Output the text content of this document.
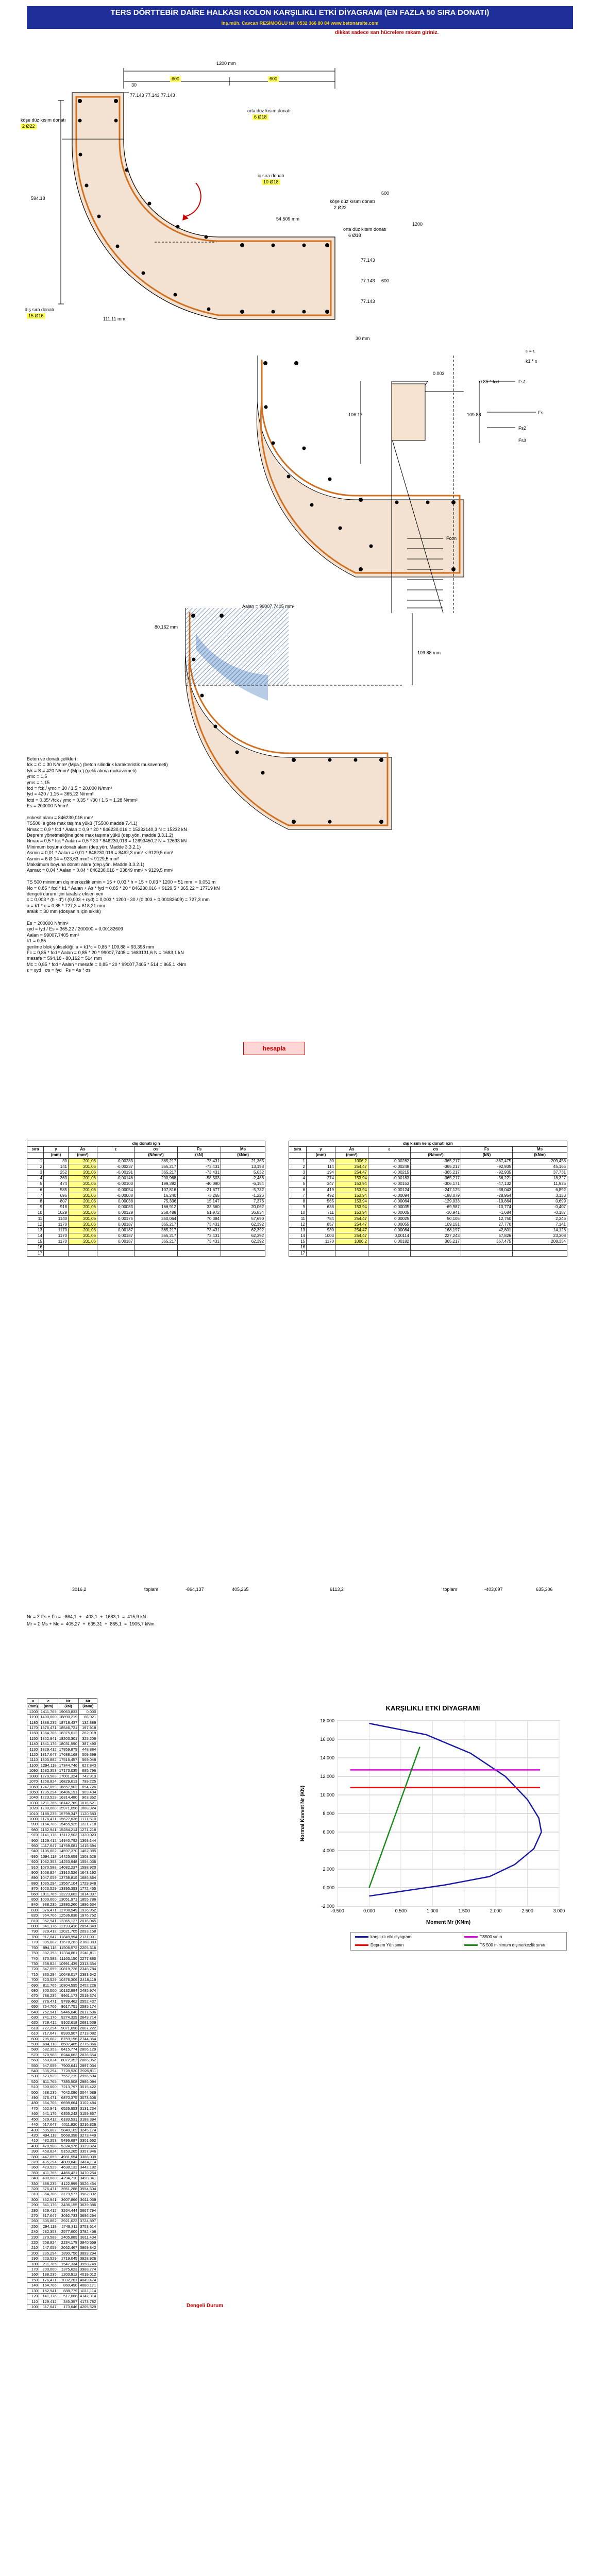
TERS DÖRTTEBİR DAİRE HALKASI KOLON KARŞILIKLI ETKİ DİYAGRAMI (EN FAZLA 50 SIRA DONATI)
İnş.müh. Cavcan RESİMOĞLU tel: 0532 366 80 84 www.betonarsite.com
dikkat sadece sarı hücrelere rakam giriniz.
1200 mm
600	600
30
köşe düz kısım donatı
2 Ø22
orta düz kısım donatı
6 Ø18
iç sıra donatı
10 Ø18
köşe düz kısım donatı
2 Ø22
54.509 mm
orta düz kısım donatı
6 Ø18
dış sıra donatı
15 Ø16
111.11 mm
30 mm
594.18
600
1200
600
77.143
77.143
77.143
77.143 77.143 77.143
ε = ε
0.85 * fcd
0.003
106.17	109.88
Fs1
Fs
Fs2
Fs3
Fcon
k1 * x
Aalan = 99007,7405 mm²
80.162 mm
109.88 mm
Beton ve donatı çelikleri :
fck = C = 30 N/mm² (Mpa.) (beton silindirik karakteristik mukavemeti)
fyk = S = 420 N/mm² (Mpa.) (çelik akma mukavemeti)
γmc = 1,5
γms = 1,15
fcd = fck / γmc = 30 / 1,5 = 20,000 N/mm²
fyd = 420 / 1,15 = 365,22 N/mm²
fctd = 0,35*√fck / γmc = 0,35 * √30 / 1,5 = 1,28 N/mm²
Es = 200000 N/mm²
enkesit alanı = 846230,016 mm²
TS500 'e göre max taşıma yükü (TS500 madde 7.4.1)
Nmax = 0,9 * fcd * Aalan = 0,9 * 20 * 846230,016 = 15232140,3 N = 15232 kN
Deprem yönetmeliğine göre max taşıma yükü (dep.yön. madde 3.3.1.2)
Nmax = 0,5 * fck * Aalan = 0,5 * 30 * 846230,016 = 12693450,2 N = 12693 kN
Minimum boyuna donatı alanı (dep.yön. Madde 3.3.2.1)
Asmin = 0,01 * Aalan = 0,01 * 846230,016 = 8462,3 mm² < 9129,5 mm²
Asmin = 6 Ø 14 = 923,63 mm² < 9129,5 mm²
Maksimum boyuna donatı alanı (dep.yön. Madde 3.3.2.1)
Asmax = 0,04 * Aalan = 0,04 * 846230,016 = 33849 mm² > 9129,5 mm²
TS 500 minimum dış merkezlik emin = 15 + 0,03 * h = 15 + 0,03 * 1200 = 51 mm  = 0,051 m
No = 0,85 * fcd * k1 * Aalan + As * fyd = 0,85 * 20 * 846230,016 + 9129,5 * 365,22 = 17719 kN
dengeli durum için tarafsız eksen yeri
c = 0,003 * (h - d') / (0,003 + εyd) = 0,003 * 1200 - 30 / (0,003 + 0,00182609) = 727,3 mm
a = k1 * c = 0,85 * 727,3 = 618,21 mm
aralık = 30 mm (dosyanın için sıklık)
Es = 200000 N/mm²
εyd = fyd / Es = 365,22 / 200000 = 0,00182609
Aalan = 99007,7405 mm²
k1 = 0,85
gerilme blok yüksekliği: a = k1*c = 0,85 * 109,88 = 93,398 mm
Fc = 0,85 * fcd * Aalan = 0,85 * 20 * 99007,7405 = 1683131,6 N = 1683,1 kN
mesafe = 594,18 - 80,162 = 514 mm
Mc = 0,85 * fcd * Aalan * mesafe = 0,85 * 20 * 99007,7405 * 514 = 865,1 kNm
ε = εyd   σs = fyd   Fs = As * σs
hesapla
dış donatı için						
sıra	y	As	ε	σs	Fs	Ms
	(mm)	(mm²)		(N/mm²)	(kN)	(kNm)
1	30	201,06	-0,00283	365,217	-73,431	21,365
2	141	201,06	-0,00237	365,217	-73,431	13,198
3	252	201,06	-0,00191	365,217	-73,431	5,032
4	363	201,06	-0,00146	290,968	-58,503	-2,486
5	474	201,06	-0,00100	199,392	-40,090	-6,154
6	585	201,06	-0,00054	107,816	-21,677	-5,732
7	696	201,06	-0,00008	16,240	-3,265	-1,226
8	807	201,06	0,00038	75,336	15,147	7,376
9	918	201,06	0,00083	166,912	33,560	20,062
10	1029	201,06	0,00129	258,488	51,972	36,834
11	1140	201,06	0,00175	350,064	70,384	57,690
12	1170	201,06	0,00187	365,217	73,431	62,392
13	1170	201,06	0,00187	365,217	73,431	62,392
14	1170	201,06	0,00187	365,217	73,431	62,392
15	1170	201,06	0,00187	365,217	73,431	62,392
16						
17						
dış kısım ve iç donatı için						
sıra	y	As	ε	σs	Fs	Ms
	(mm)	(mm²)		(N/mm²)	(kN)	(kNm)
1	30	1006,2	-0,00282	-365,217	-367,475	209,456
2	114	254,47	-0,00248	-365,217	-92,935	45,165
3	194	254,47	-0,00215	-365,217	-92,935	37,731
4	274	153,94	-0,00183	-365,217	-56,221	18,327
5	347	153,94	-0,00153	-306,171	-47,132	11,925
6	419	153,94	-0,00124	-247,125	-38,043	6,892
7	492	153,94	-0,00094	-188,079	-28,954	3,133
8	565	153,94	-0,00064	-129,033	-19,864	0,699
9	638	153,94	-0,00035	-69,987	-10,774	-0,407
10	711	153,94	-0,00005	-10,941	-1,684	-0,187
11	784	254,47	0,00025	50,105	12,750	2,346
12	857	254,47	0,00055	109,151	27,776	7,141
13	930	254,47	0,00084	168,197	42,801	14,128
14	1003	254,47	0,00114	227,243	57,826	23,308
15	1170	1006,2	0,00182	365,217	367,475	208,354
16						
17						
3016,2	toplam	-864,137	405,265	6113,2	toplam	-403,097	635,306
Nr = Σ Fs + Fc =  -864,1  +  -403,1  +  1683,1  =  415,9 kN
Mr = Σ Ms + Mc =  405,27  +  635,31  +  865,1  =  1905,7 kNm
a	c	Nr	Mr
(mm)	(mm)	(kN)	(kNm)
1200	1411,765	19063,833	0,000
1190	1400,000	18890,219	66,921
1180	1388,235	18718,437	132,889
1170	1376,471	18546,721	197,918
1160	1364,706	18375,012	262,019
1150	1352,941	18203,301	325,206
1140	1341,176	18031,590	387,490
1130	1329,412	17859,879	448,884
1120	1317,647	17688,168	509,399
1110	1305,882	17516,457	569,048
1100	1294,118	17344,746	627,843
1090	1282,353	17173,035	685,796
1080	1270,588	17001,324	742,919
1070	1258,824	16829,613	799,225
1060	1247,059	16657,902	854,726
1050	1235,294	16486,191	909,434
1040	1223,529	16314,480	963,362
1030	1211,765	16142,769	1016,521
1020	1200,000	15971,058	1068,924
1010	1188,235	15799,347	1120,583
1000	1176,471	15627,636	1171,510
990	1164,706	15455,925	1221,718
980	1152,941	15284,214	1271,218
970	1141,176	15112,503	1320,023
960	1129,412	14940,792	1368,144
950	1117,647	14769,081	1415,594
940	1105,882	14597,370	1462,385
930	1094,118	14425,659	1508,528
920	1082,353	14253,948	1554,036
910	1070,588	14082,237	1598,920
900	1058,824	13910,526	1643,192
890	1047,059	13738,815	1686,864
880	1035,294	13567,104	1729,948
870	1023,529	13395,393	1772,455
860	1011,765	13223,682	1814,397
850	1000,000	13051,971	1855,786
840	988,235	12880,260	1896,634
830	976,471	12708,549	1936,952
820	964,706	12536,838	1976,752
810	952,941	12365,127	2016,045
800	941,176	12193,416	2054,843
790	929,412	12021,705	2093,158
780	917,647	11849,994	2131,001
770	905,882	11678,283	2168,383
760	894,118	11506,572	2205,316
750	882,353	11334,861	2241,811
740	870,588	11163,150	2277,880
730	858,824	10991,439	2313,534
720	847,059	10819,728	2348,784
710	835,294	10648,017	2383,642
700	823,529	10476,306	2418,119
690	811,765	10304,595	2452,226
680	800,000	10132,884	2485,974
670	788,235	9961,173	2519,374
660	776,471	9789,462	2552,437
650	764,706	9617,751	2585,174
640	752,941	9446,040	2617,596
630	741,176	9274,329	2649,714
620	729,412	9102,618	2681,539
618	727,294	9071,698	2687,222
610	717,647	8930,907	2713,082
600	705,882	8759,196	2744,354
590	694,118	8587,485	2775,366
580	682,353	8415,774	2806,129
570	670,588	8244,063	2836,654
560	658,824	8072,352	2866,952
550	647,059	7900,641	2897,034
540	635,294	7728,930	2926,911
530	623,529	7557,219	2956,594
520	611,765	7385,508	2986,094
510	600,000	7213,797	3015,422
500	588,235	7042,086	3044,589
490	576,471	6870,375	3073,606
480	564,706	6698,664	3102,484
470	552,941	6526,953	3131,234
460	541,176	6355,242	3159,867
450	529,412	6183,531	3188,394
440	517,647	6011,820	3216,826
430	505,882	5840,109	3245,174
420	494,118	5668,398	3273,449
410	482,353	5496,687	3301,662
400	470,588	5324,976	3329,824
390	458,824	5153,265	3357,946
380	447,059	4981,554	3386,039
370	435,294	4809,843	3414,114
360	423,529	4638,132	3442,182
350	411,765	4466,421	3470,254
340	400,000	4294,710	3498,341
330	388,235	4122,999	3526,454
320	376,471	3951,288	3554,604
310	364,706	3779,577	3582,802
300	352,941	3607,866	3611,059
290	341,176	3436,155	3639,386
280	329,412	3264,444	3667,794
270	317,647	3092,733	3696,294
260	305,882	2921,022	3724,897
250	294,118	2749,311	3753,614
240	282,353	2577,600	3782,456
230	270,588	2405,889	3811,434
220	258,824	2234,178	3840,559
210	247,059	2062,467	3869,842
200	235,294	1890,756	3899,294
190	223,529	1719,045	3928,926
180	211,765	1547,334	3958,749
170	200,000	1375,623	3988,774
160	188,235	1203,912	4019,012
150	176,471	1032,201	4049,474
140	164,706	860,490	4080,171
130	152,941	688,779	4111,114
120	141,176	517,068	4142,314
110	129,412	345,357	4173,782
100	117,647	173,646	4205,529	Dengeli Durum
KARŞILIKLI ETKİ DİYAGRAMI
18.000
16.000
14.000
12.000
10.000
8.000
6.000
4.000
2.000
0.000
-2.000
-0.500	0.000	0.500	1.000	1.500	2.000	2.500	3.000
Moment Mr (KNm)
Normal Kuvvet Nr (KN)
karşılıklı etki diyagramı	TS500 sınırı
Deprem Yön.sınırı	TS 500 minimum dışmerkezlik sınırı
